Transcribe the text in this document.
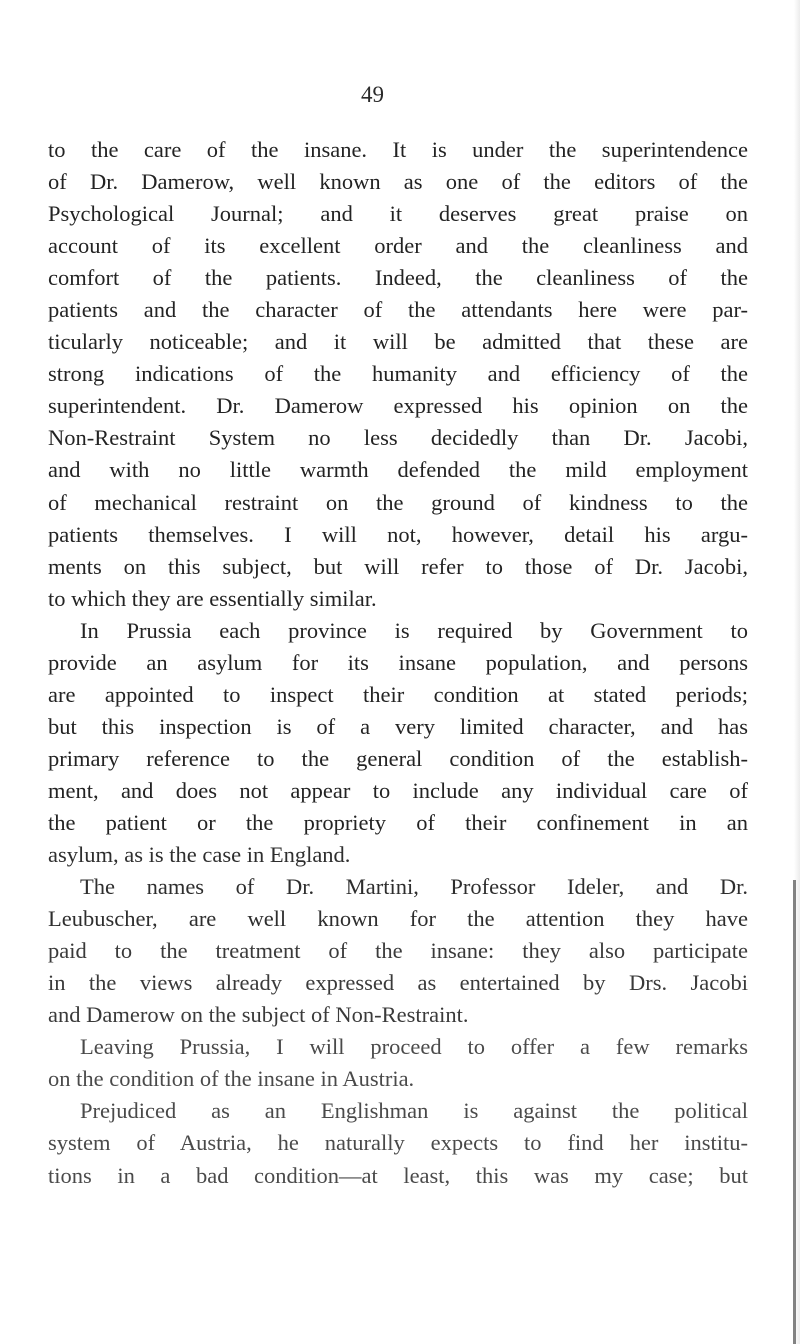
49
to the care of the insane. It is under the superintendence
of Dr. Damerow, well known as one of the editors of the
Psychological Journal; and it deserves great praise on
account of its excellent order and the cleanliness and
comfort of the patients. Indeed, the cleanliness of the
patients and the character of the attendants here were par-
ticularly noticeable; and it will be admitted that these are
strong indications of the humanity and efficiency of the
superintendent. Dr. Damerow expressed his opinion on the
Non-Restraint System no less decidedly than Dr. Jacobi,
and with no little warmth defended the mild employment
of mechanical restraint on the ground of kindness to the
patients themselves. I will not, however, detail his argu-
ments on this subject, but will refer to those of Dr. Jacobi,
to which they are essentially similar.
In Prussia each province is required by Government to
provide an asylum for its insane population, and persons
are appointed to inspect their condition at stated periods;
but this inspection is of a very limited character, and has
primary reference to the general condition of the establish-
ment, and does not appear to include any individual care of
the patient or the propriety of their confinement in an
asylum, as is the case in England.
The names of Dr. Martini, Professor Ideler, and Dr.
Leubuscher, are well known for the attention they have
paid to the treatment of the insane: they also participate
in the views already expressed as entertained by Drs. Jacobi
and Damerow on the subject of Non-Restraint.
Leaving Prussia, I will proceed to offer a few remarks
on the condition of the insane in Austria.
Prejudiced as an Englishman is against the political
system of Austria, he naturally expects to find her institu-
tions in a bad condition—at least, this was my case; but
